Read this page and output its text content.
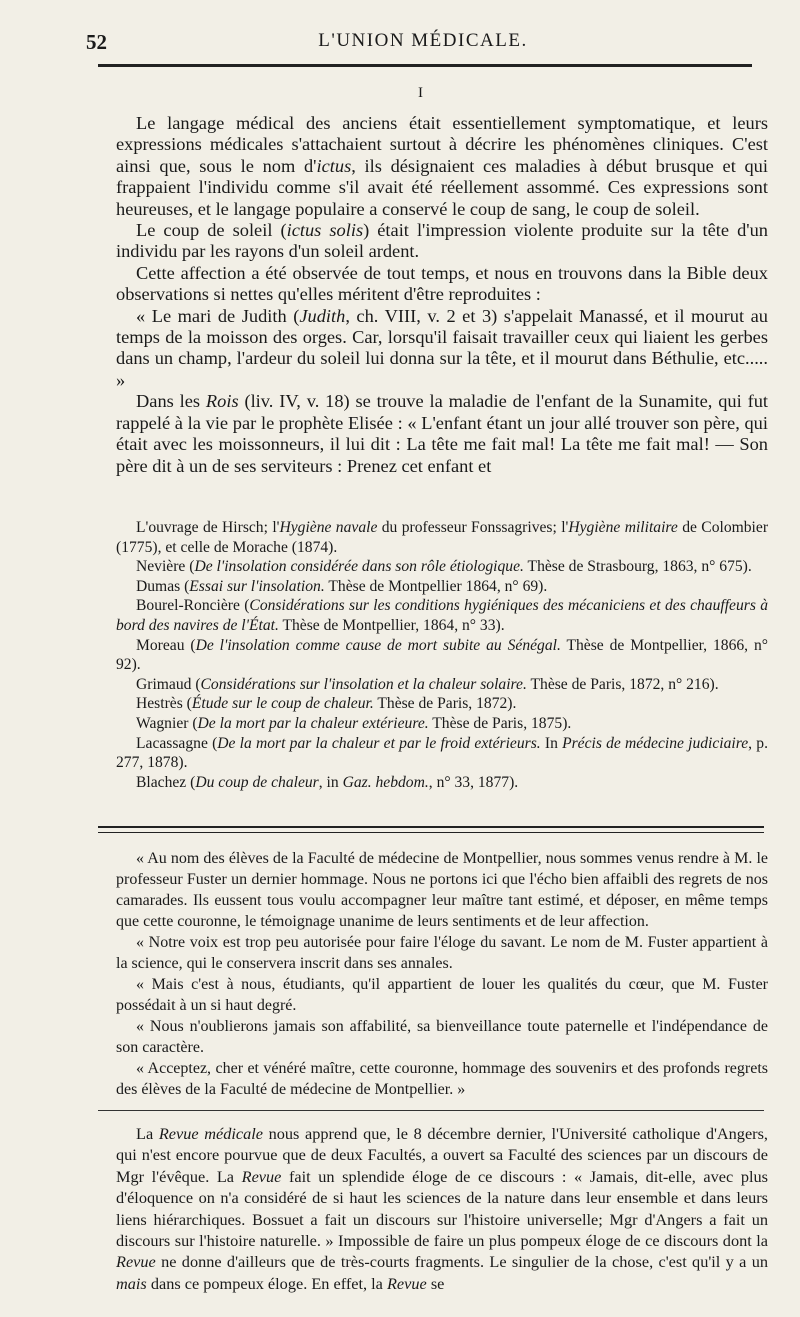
52	L'UNION MÉDICALE.
I

Le langage médical des anciens était essentiellement symptomatique, et leurs expressions médicales s'attachaient surtout à décrire les phénomènes cliniques. C'est ainsi que, sous le nom d'ictus, ils désignaient ces maladies à début brusque et qui frappaient l'individu comme s'il avait été réellement assommé. Ces expressions sont heureuses, et le langage populaire a conservé le coup de sang, le coup de soleil.

Le coup de soleil (ictus solis) était l'impression violente produite sur la tête d'un individu par les rayons d'un soleil ardent.

Cette affection a été observée de tout temps, et nous en trouvons dans la Bible deux observations si nettes qu'elles méritent d'être reproduites :

« Le mari de Judith (Judith, ch. VIII, v. 2 et 3) s'appelait Manassé, et il mourut au temps de la moisson des orges. Car, lorsqu'il faisait travailler ceux qui liaient les gerbes dans un champ, l'ardeur du soleil lui donna sur la tête, et il mourut dans Béthulie, etc..... »

Dans les Rois (liv. IV, v. 18) se trouve la maladie de l'enfant de la Sunamite, qui fut rappelé à la vie par le prophète Elisée : « L'enfant étant un jour allé trouver son père, qui était avec les moissonneurs, il lui dit : La tête me fait mal! La tête me fait mal! — Son père dit à un de ses serviteurs : Prenez cet enfant et

L'ouvrage de Hirsch; l'Hygiène navale du professeur Fonssagrives; l'Hygiène militaire de Colombier (1775), et celle de Morache (1874).

Nevière (De l'insolation considérée dans son rôle étiologique. Thèse de Strasbourg, 1863, n° 675).

Dumas (Essai sur l'insolation. Thèse de Montpellier 1864, n° 69).

Bourel-Roncière (Considérations sur les conditions hygiéniques des mécaniciens et des chauffeurs à bord des navires de l'État. Thèse de Montpellier, 1864, n° 33).

Moreau (De l'insolation comme cause de mort subite au Sénégal. Thèse de Montpellier, 1866, n° 92).

Grimaud (Considérations sur l'insolation et la chaleur solaire. Thèse de Paris, 1872, n° 216).

Hestrès (Étude sur le coup de chaleur. Thèse de Paris, 1872).

Wagnier (De la mort par la chaleur extérieure. Thèse de Paris, 1875).

Lacassagne (De la mort par la chaleur et par le froid extérieurs. In Précis de médecine judiciaire, p. 277, 1878).

Blachez (Du coup de chaleur, in Gaz. hebdom., n° 33, 1877).

« Au nom des élèves de la Faculté de médecine de Montpellier, nous sommes venus rendre à M. le professeur Fuster un dernier hommage. Nous ne portons ici que l'écho bien affaibli des regrets de nos camarades. Ils eussent tous voulu accompagner leur maître tant estimé, et déposer, en même temps que cette couronne, le témoignage unanime de leurs sentiments et de leur affection.

« Notre voix est trop peu autorisée pour faire l'éloge du savant. Le nom de M. Fuster appartient à la science, qui le conservera inscrit dans ses annales.

« Mais c'est à nous, étudiants, qu'il appartient de louer les qualités du cœur, que M. Fuster possédait à un si haut degré.

« Nous n'oublierons jamais son affabilité, sa bienveillance toute paternelle et l'indépendance de son caractère.

« Acceptez, cher et vénéré maître, cette couronne, hommage des souvenirs et des profonds regrets des élèves de la Faculté de médecine de Montpellier. »

La Revue médicale nous apprend que, le 8 décembre dernier, l'Université catholique d'Angers, qui n'est encore pourvue que de deux Facultés, a ouvert sa Faculté des sciences par un discours de Mgr l'évêque. La Revue fait un splendide éloge de ce discours : « Jamais, dit-elle, avec plus d'éloquence on n'a considéré de si haut les sciences de la nature dans leur ensemble et dans leurs liens hiérarchiques. Bossuet a fait un discours sur l'histoire universelle; Mgr d'Angers a fait un discours sur l'histoire naturelle. » Impossible de faire un plus pompeux éloge de ce discours dont la Revue ne donne d'ailleurs que de très-courts fragments. Le singulier de la chose, c'est qu'il y a un mais dans ce pompeux éloge. En effet, la Revue se
